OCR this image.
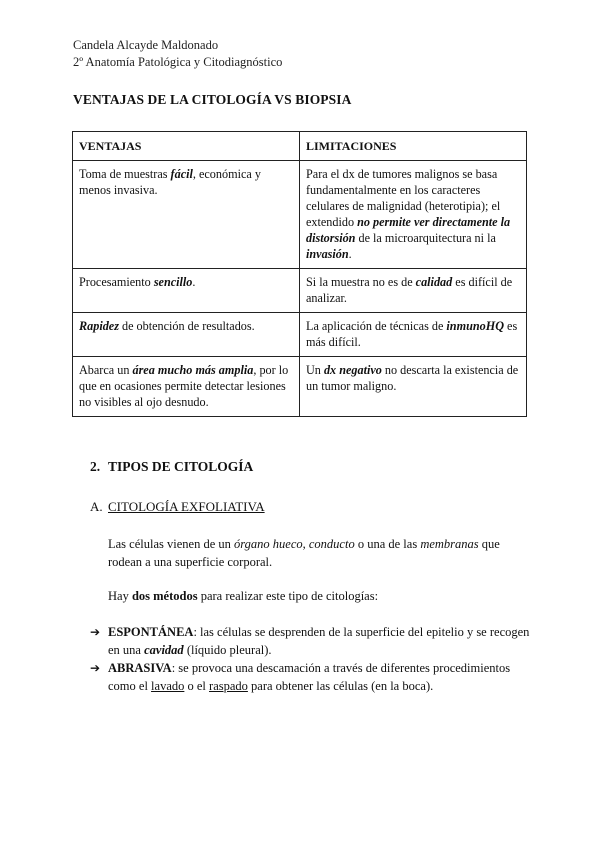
Candela Alcayde Maldonado
2º Anatomía Patológica y Citodiagnóstico
VENTAJAS DE LA CITOLOGÍA VS BIOPSIA
VENTAJAS	LIMITACIONES
Toma de muestras fácil, económica y menos invasiva.	Para el dx de tumores malignos se basa fundamentalmente en los caracteres celulares de malignidad (heterotipia); el extendido no permite ver directamente la distorsión de la microarquitectura ni la invasión.
Procesamiento sencillo.	Si la muestra no es de calidad es difícil de analizar.
Rapidez de obtención de resultados.	La aplicación de técnicas de inmunoHQ es más difícil.
Abarca un área mucho más amplia, por lo que en ocasiones permite detectar lesiones no visibles al ojo desnudo.	Un dx negativo no descarta la existencia de un tumor maligno.
2. TIPOS DE CITOLOGÍA
A. CITOLOGÍA EXFOLIATIVA
Las células vienen de un órgano hueco, conducto o una de las membranas que rodean a una superficie corporal.
Hay dos métodos para realizar este tipo de citologías:
➔ ESPONTÁNEA: las células se desprenden de la superficie del epitelio y se recogen en una cavidad (líquido pleural).
➔ ABRASIVA: se provoca una descamación a través de diferentes procedimientos como el lavado o el raspado para obtener las células (en la boca).
